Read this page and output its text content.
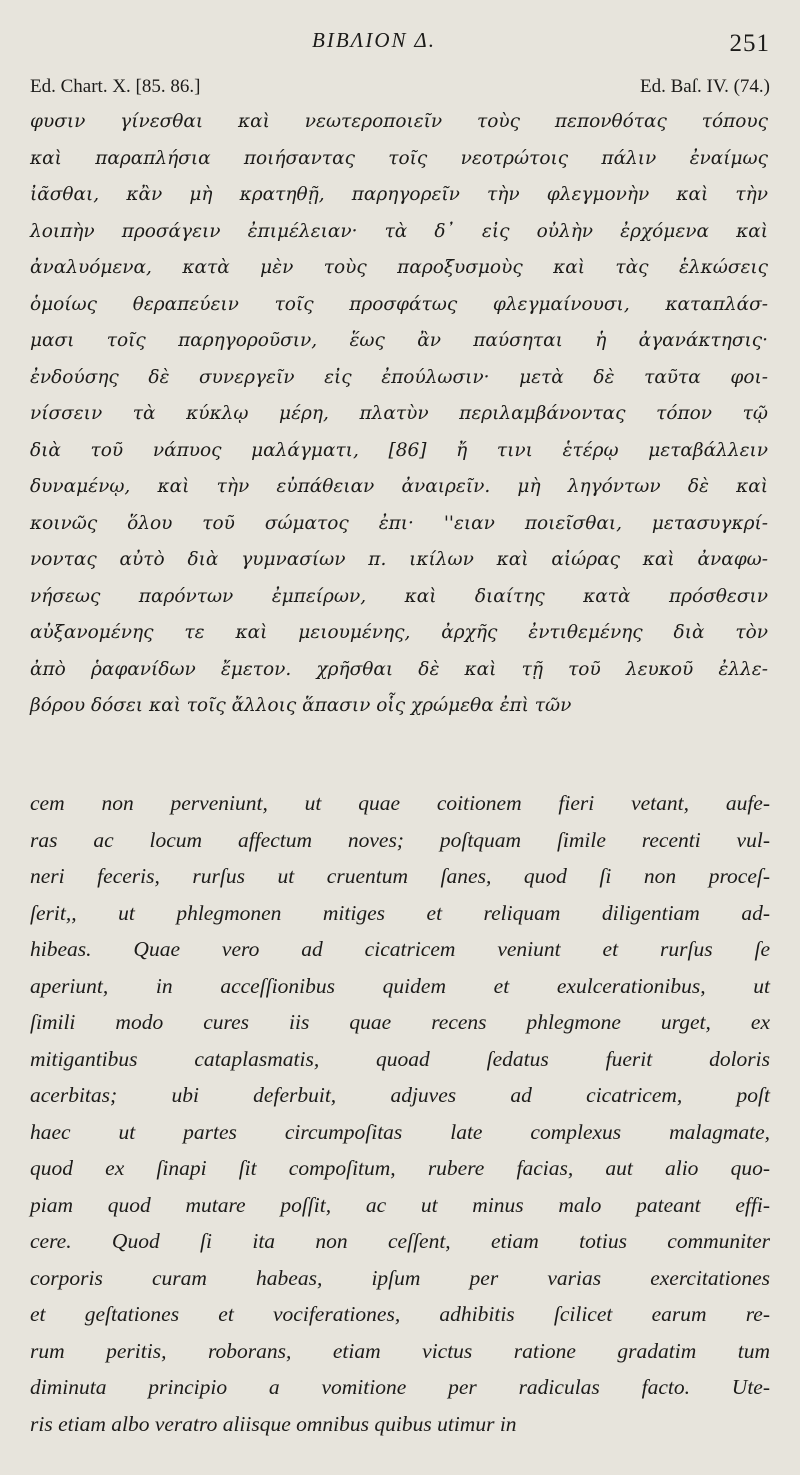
BIBΛΙΟΝ Δ.	251
Ed. Chart. X. [85. 86.]	Ed. Baſ. IV. (74.)
φυσιν γίνεσθαι καὶ νεωτεροποιεῖν τοὺς πεπονθότας τόπους
καὶ παραπλήσια ποιήσαντας τοῖς νεοτρώτοις πάλιν ἐναίμως
ἰᾶσθαι, κἂν μὴ κρατηθῇ, παρηγορεῖν τὴν φλεγμονὴν καὶ τὴν
λοιπὴν προσάγειν ἐπιμέλειαν· τὰ δ᾽ εἰς οὐλὴν ἐρχόμενα καὶ
ἀναλυόμενα, κατὰ μὲν τοὺς παροξυσμοὺς καὶ τὰς ἑλκώσεις
ὁμοίως θεραπεύειν τοῖς προσφάτως φλεγμαίνουσι, καταπλάσ-
μασι τοῖς παρηγοροῦσιν, ἕως ἂν παύσηται ἡ ἀγανάκτησις·
ἐνδούσης δὲ συνεργεῖν εἰς ἐπούλωσιν· μετὰ δὲ ταῦτα φοι-
νίσσειν τὰ κύκλῳ μέρη, πλατὺν περιλαμβάνοντας τόπον τῷ
διὰ τοῦ νάπυος μαλάγματι, [86] ἤ τινι ἑτέρῳ μεταβάλλειν
δυναμένῳ, καὶ τὴν εὐπάθειαν ἀναιρεῖν. μὴ ληγόντων δὲ καὶ
κοινῶς ὅλου τοῦ σώματος ἐπι· ''ειαν ποιεῖσθαι, μετασυγκρί-
νοντας αὐτὸ διὰ γυμνασίων π. ικίλων καὶ αἰώρας καὶ ἀναφω-
νήσεως παρόντων ἐμπείρων, καὶ διαίτης κατὰ πρόσθεσιν
αὐξανομένης τε καὶ μειουμένης, ἀρχῆς ἐντιθεμένης διὰ τὸν
ἀπὸ ῥαφανίδων ἔμετον. χρῆσθαι δὲ καὶ τῇ τοῦ λευκοῦ ἐλλε-
βόρου δόσει καὶ τοῖς ἄλλοις ἅπασιν οἷς χρώμεθα ἐπὶ τῶν
cem non perveniunt, ut quae coitionem fieri vetant, aufe-
ras ac locum affectum noves; poſtquam ſimile recenti vul-
neri feceris, rurſus ut cruentum ſanes, quod ſi non proceſ-
ſerit,, ut phlegmonen mitiges et reliquam diligentiam ad-
hibeas. Quae vero ad cicatricem veniunt et rurſus ſe
aperiunt, in acceſſionibus quidem et exulcerationibus, ut
ſimili modo cures iis quae recens phlegmone urget, ex
mitigantibus cataplasmatis, quoad ſedatus fuerit doloris
acerbitas; ubi deferbuit, adjuves ad cicatricem, poſt
haec ut partes circumpoſitas late complexus malagmate,
quod ex ſinapi ſit compoſitum, rubere facias, aut alio quo-
piam quod mutare poſſit, ac ut minus malo pateant effi-
cere. Quod ſi ita non ceſſent, etiam totius communiter
corporis curam habeas, ipſum per varias exercitationes
et geſtationes et vociferationes, adhibitis ſcilicet earum re-
rum peritis, roborans, etiam victus ratione gradatim tum
diminuta principio a vomitione per radiculas facto. Ute-
ris etiam albo veratro aliisque omnibus quibus utimur in
